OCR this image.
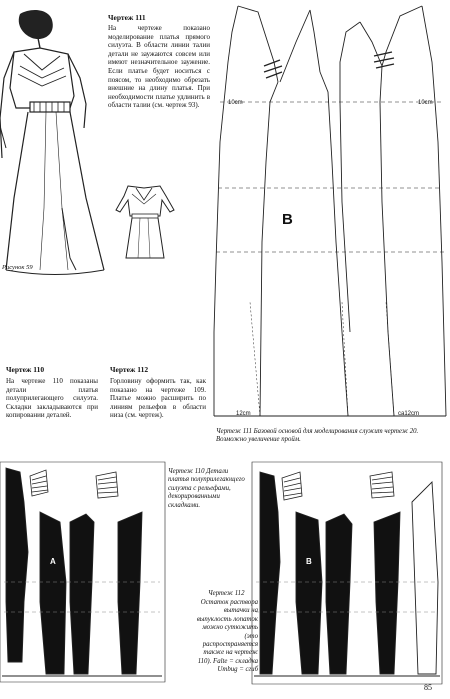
Рисунок 59
Чертеж 111
На чертеже показано моделирование платья прямого силуэта. В области линии талии детали не заужаются совсем или имеют незначительное заужение. Если платье будет носиться с поясом, то необходимо обрезать внешние на длину платья. При необходимости платье удлинить в области талии (см. чертеж 93).
Чертеж 110
На чертеже 110 показаны детали платья полуприлегающего силуэта. Складки закладываются при копировании деталей.
Чертеж 112
Горловину оформить так, как показано на чертеже 109. Платье можно расширить по линиям рельефов в области низа (см. чертеж).
В
10cm	10cm
12cm	ca12cm
Чертеж 111 Базовой основой для моделирования служит чертеж 20. Возможно увеличение пройм.
A
Чертеж 110 Детали платья полуприлегающего силуэта с рельефами, декорированными складками.
В
Чертеж 112
Остаток раствора вытачки на выпуклость лопаток можно сутюжить (это распространяется также на чертеж 110). Falte = складка Umbug = сгиб
85
